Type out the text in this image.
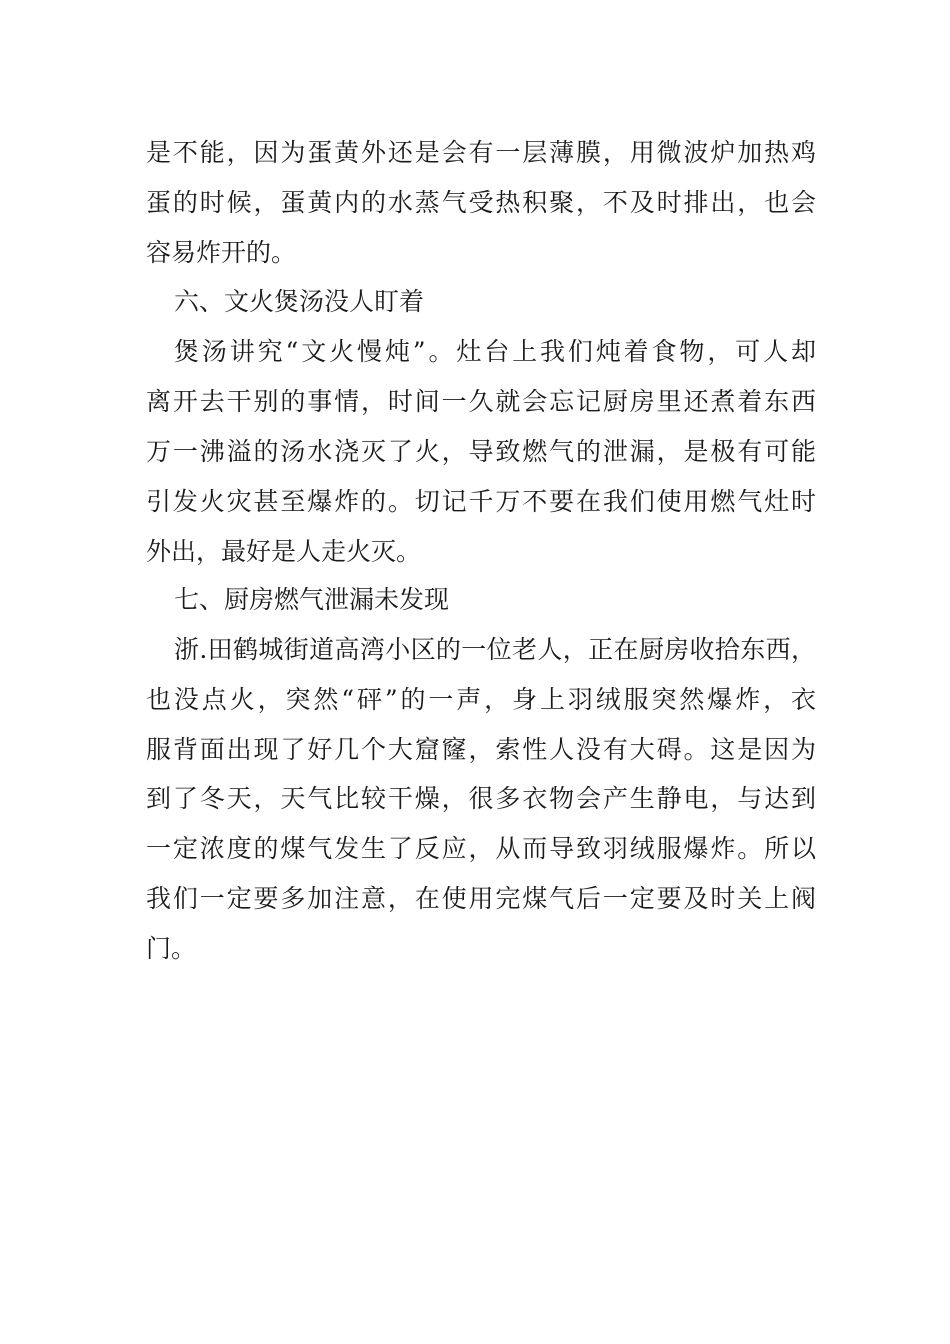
是不能，因为蛋黄外还是会有一层薄膜，用微波炉加热鸡
蛋的时候，蛋黄内的水蒸气受热积聚，不及时排出，也会
容易炸开的。
六、文火煲汤没人盯着
煲汤讲究“文火慢炖”。灶台上我们炖着食物，可人却
离开去干别的事情，时间一久就会忘记厨房里还煮着东西
万一沸溢的汤水浇灭了火，导致燃气的泄漏，是极有可能
引发火灾甚至爆炸的。切记千万不要在我们使用燃气灶时
外出，最好是人走火灭。
七、厨房燃气泄漏未发现
浙.田鹤城街道高湾小区的一位老人，正在厨房收拾东西，
也没点火，突然“砰”的一声，身上羽绒服突然爆炸，衣
服背面出现了好几个大窟窿，索性人没有大碍。这是因为
到了冬天，天气比较干燥，很多衣物会产生静电，与达到
一定浓度的煤气发生了反应，从而导致羽绒服爆炸。所以
我们一定要多加注意，在使用完煤气后一定要及时关上阀
门。
